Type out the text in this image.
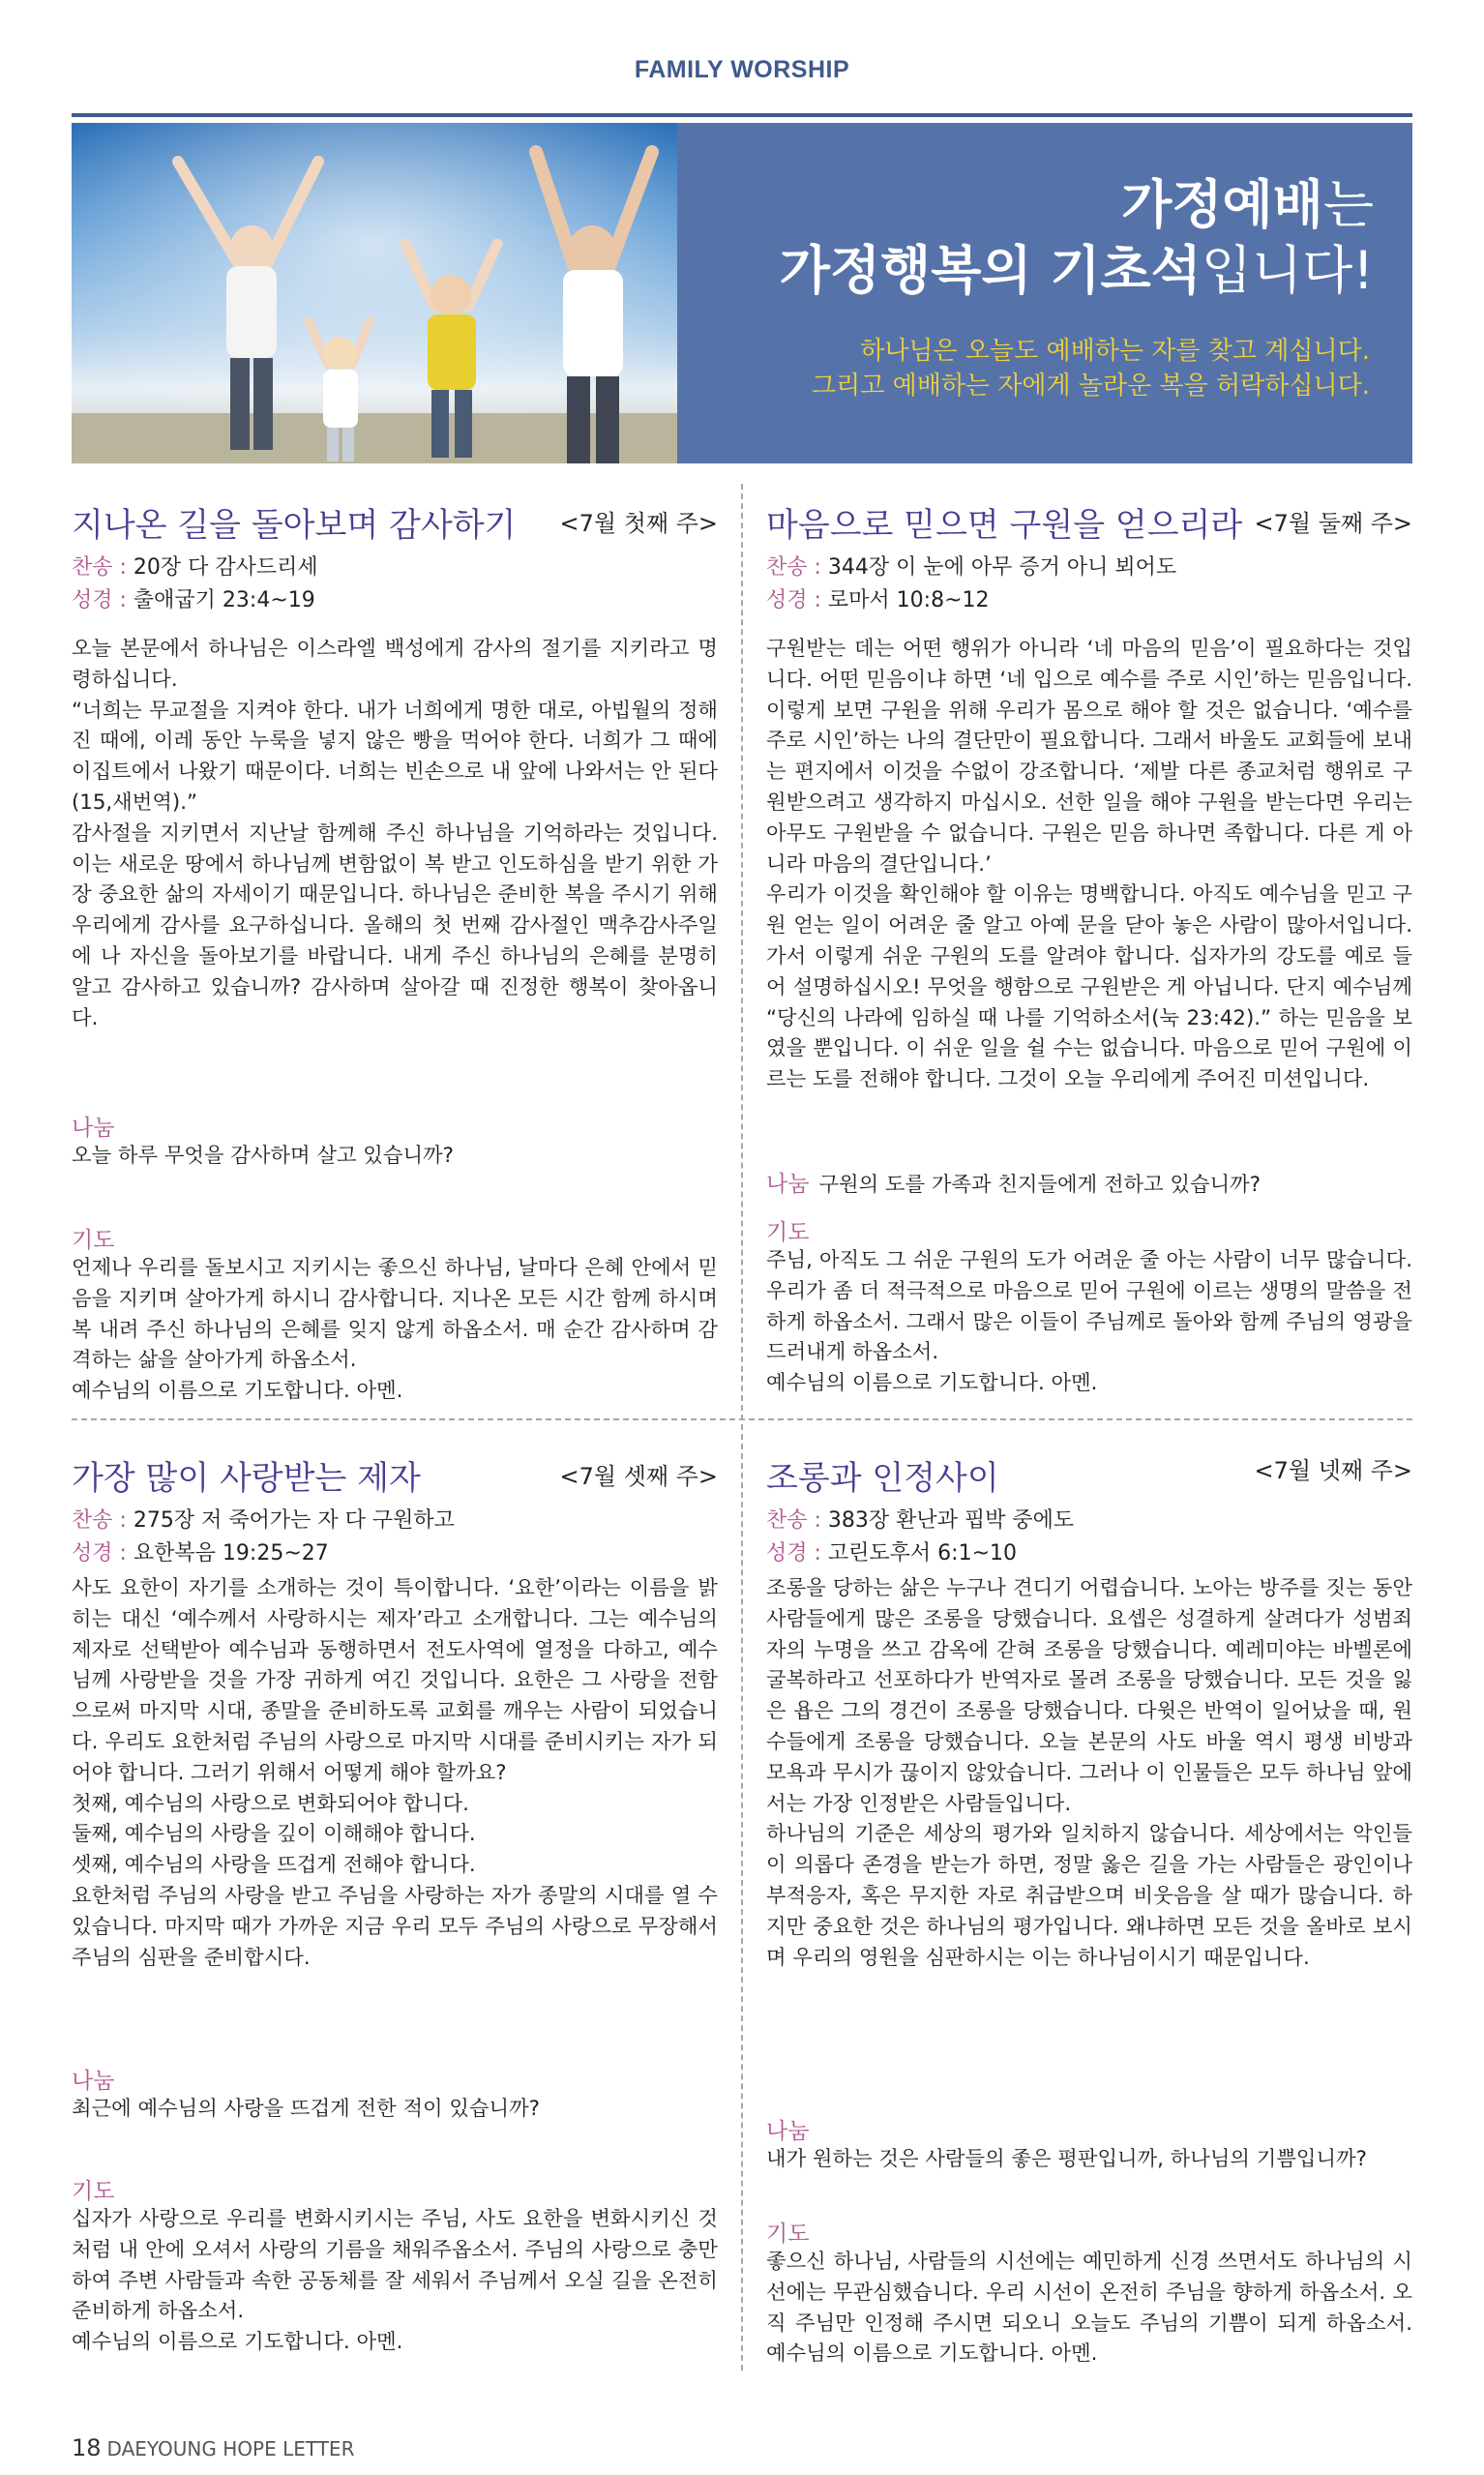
FAMILY WORSHIP
가정예배는
가정행복의 기초석입니다!
하나님은 오늘도 예배하는 자를 찾고 계십니다.
그리고 예배하는 자에게 놀라운 복을 허락하십니다.
지나온 길을 돌아보며 감사하기 <7월 첫째 주>
찬송 : 20장 다 감사드리세
성경 : 출애굽기 23:4~19

오늘 본문에서 하나님은 이스라엘 백성에게 감사의 절기를 지키라고 명령하십니다.

“너희는 무교절을 지켜야 한다. 내가 너희에게 명한 대로, 아빕월의 정해진 때에, 이레 동안 누룩을 넣지 않은 빵을 먹어야 한다. 너희가 그 때에 이집트에서 나왔기 때문이다. 너희는 빈손으로 내 앞에 나와서는 안 된다(15,새번역).”

감사절을 지키면서 지난날 함께해 주신 하나님을 기억하라는 것입니다. 이는 새로운 땅에서 하나님께 변함없이 복 받고 인도하심을 받기 위한 가장 중요한 삶의 자세이기 때문입니다. 하나님은 준비한 복을 주시기 위해 우리에게 감사를 요구하십니다. 올해의 첫 번째 감사절인 맥추감사주일에 나 자신을 돌아보기를 바랍니다. 내게 주신 하나님의 은혜를 분명히 알고 감사하고 있습니까? 감사하며 살아갈 때 진정한 행복이 찾아옵니다.

나눔
오늘 하루 무엇을 감사하며 살고 있습니까?
기도

언제나 우리를 돌보시고 지키시는 좋으신 하나님, 날마다 은혜 안에서 믿음을 지키며 살아가게 하시니 감사합니다. 지나온 모든 시간 함께 하시며 복 내려 주신 하나님의 은혜를 잊지 않게 하옵소서. 매 순간 감사하며 감격하는 삶을 살아가게 하옵소서.

예수님의 이름으로 기도합니다. 아멘.

마음으로 믿으면 구원을 얻으리라 <7월 둘째 주>
찬송 : 344장 이 눈에 아무 증거 아니 뵈어도
성경 : 로마서 10:8~12

구원받는 데는 어떤 행위가 아니라 ‘네 마음의 믿음’이 필요하다는 것입니다. 어떤 믿음이냐 하면 ‘네 입으로 예수를 주로 시인’하는 믿음입니다. 이렇게 보면 구원을 위해 우리가 몸으로 해야 할 것은 없습니다. ‘예수를 주로 시인’하는 나의 결단만이 필요합니다. 그래서 바울도 교회들에 보내는 편지에서 이것을 수없이 강조합니다. ‘제발 다른 종교처럼 행위로 구원받으려고 생각하지 마십시오. 선한 일을 해야 구원을 받는다면 우리는 아무도 구원받을 수 없습니다. 구원은 믿음 하나면 족합니다. 다른 게 아니라 마음의 결단입니다.’

우리가 이것을 확인해야 할 이유는 명백합니다. 아직도 예수님을 믿고 구원 얻는 일이 어려운 줄 알고 아예 문을 닫아 놓은 사람이 많아서입니다. 가서 이렇게 쉬운 구원의 도를 알려야 합니다. 십자가의 강도를 예로 들어 설명하십시오! 무엇을 행함으로 구원받은 게 아닙니다. 단지 예수님께 “당신의 나라에 임하실 때 나를 기억하소서(눅 23:42).” 하는 믿음을 보였을 뿐입니다. 이 쉬운 일을 쉴 수는 없습니다. 마음으로 믿어 구원에 이르는 도를 전해야 합니다. 그것이 오늘 우리에게 주어진 미션입니다.

나눔 구원의 도를 가족과 친지들에게 전하고 있습니까?
기도

주님, 아직도 그 쉬운 구원의 도가 어려운 줄 아는 사람이 너무 많습니다. 우리가 좀 더 적극적으로 마음으로 믿어 구원에 이르는 생명의 말씀을 전하게 하옵소서. 그래서 많은 이들이 주님께로 돌아와 함께 주님의 영광을 드러내게 하옵소서.

예수님의 이름으로 기도합니다. 아멘.

가장 많이 사랑받는 제자	<7월 셋째 주>
찬송 : 275장 저 죽어가는 자 다 구원하고
성경 : 요한복음 19:25~27

사도 요한이 자기를 소개하는 것이 특이합니다. ‘요한’이라는 이름을 밝히는 대신 ‘예수께서 사랑하시는 제자’라고 소개합니다. 그는 예수님의 제자로 선택받아 예수님과 동행하면서 전도사역에 열정을 다하고, 예수님께 사랑받을 것을 가장 귀하게 여긴 것입니다. 요한은 그 사랑을 전함으로써 마지막 시대, 종말을 준비하도록 교회를 깨우는 사람이 되었습니다. 우리도 요한처럼 주님의 사랑으로 마지막 시대를 준비시키는 자가 되어야 합니다. 그러기 위해서 어떻게 해야 할까요?

첫째, 예수님의 사랑으로 변화되어야 합니다.

둘째, 예수님의 사랑을 깊이 이해해야 합니다.

셋째, 예수님의 사랑을 뜨겁게 전해야 합니다.

요한처럼 주님의 사랑을 받고 주님을 사랑하는 자가 종말의 시대를 열 수 있습니다. 마지막 때가 가까운 지금 우리 모두 주님의 사랑으로 무장해서 주님의 심판을 준비합시다.

나눔
최근에 예수님의 사랑을 뜨겁게 전한 적이 있습니까?
기도

십자가 사랑으로 우리를 변화시키시는 주님, 사도 요한을 변화시키신 것처럼 내 안에 오셔서 사랑의 기름을 채워주옵소서. 주님의 사랑으로 충만하여 주변 사람들과 속한 공동체를 잘 세워서 주님께서 오실 길을 온전히 준비하게 하옵소서.

예수님의 이름으로 기도합니다. 아멘.

조롱과 인정사이	<7월 넷째 주>
찬송 : 383장 환난과 핍박 중에도
성경 : 고린도후서 6:1~10

조롱을 당하는 삶은 누구나 견디기 어렵습니다. 노아는 방주를 짓는 동안 사람들에게 많은 조롱을 당했습니다. 요셉은 성결하게 살려다가 성범죄자의 누명을 쓰고 감옥에 갇혀 조롱을 당했습니다. 예레미야는 바벨론에 굴복하라고 선포하다가 반역자로 몰려 조롱을 당했습니다. 모든 것을 잃은 욥은 그의 경건이 조롱을 당했습니다. 다윗은 반역이 일어났을 때, 원수들에게 조롱을 당했습니다. 오늘 본문의 사도 바울 역시 평생 비방과 모욕과 무시가 끊이지 않았습니다. 그러나 이 인물들은 모두 하나님 앞에서는 가장 인정받은 사람들입니다.

하나님의 기준은 세상의 평가와 일치하지 않습니다. 세상에서는 악인들이 의롭다 존경을 받는가 하면, 정말 옳은 길을 가는 사람들은 광인이나 부적응자, 혹은 무지한 자로 취급받으며 비웃음을 살 때가 많습니다. 하지만 중요한 것은 하나님의 평가입니다. 왜냐하면 모든 것을 올바로 보시며 우리의 영원을 심판하시는 이는 하나님이시기 때문입니다.

나눔
내가 원하는 것은 사람들의 좋은 평판입니까, 하나님의 기쁨입니까?
기도

좋으신 하나님, 사람들의 시선에는 예민하게 신경 쓰면서도 하나님의 시선에는 무관심했습니다. 우리 시선이 온전히 주님을 향하게 하옵소서. 오직 주님만 인정해 주시면 되오니 오늘도 주님의 기쁨이 되게 하옵소서. 예수님의 이름으로 기도합니다. 아멘.

18 DAEYOUNG HOPE LETTER
